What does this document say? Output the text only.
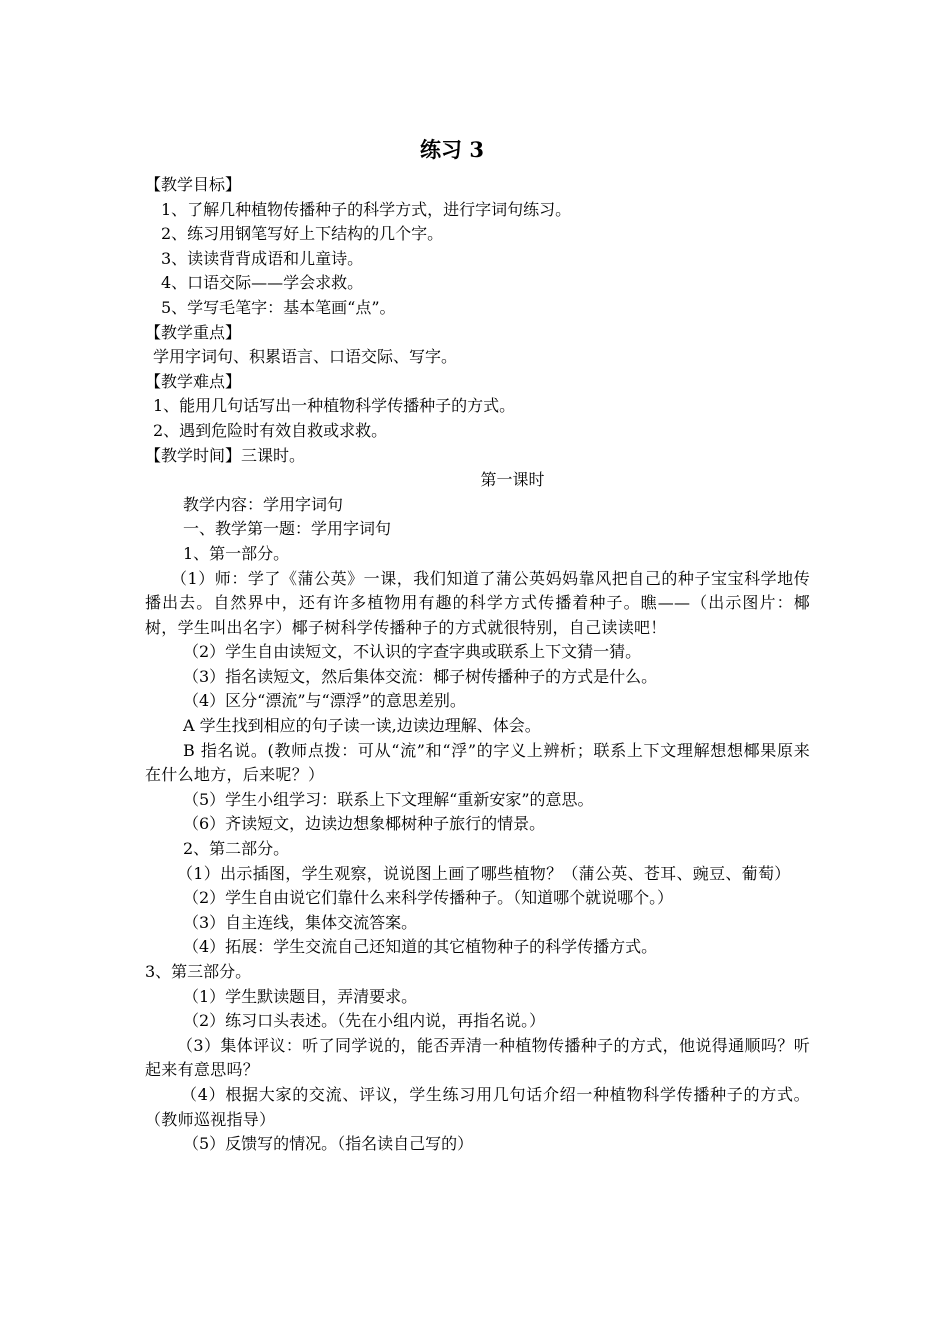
练习 3

【教学目标】

1、了解几种植物传播种子的科学方式，进行字词句练习。

2、练习用钢笔写好上下结构的几个字。

3、读读背背成语和儿童诗。

4、口语交际——学会求救。

5、学写毛笔字：基本笔画“点”。

【教学重点】

学用字词句、积累语言、口语交际、写字。

【教学难点】

1、能用几句话写出一种植物科学传播种子的方式。

2、遇到危险时有效自救或求救。

【教学时间】三课时。

第一课时

教学内容：学用字词句

一、教学第一题：学用字词句

1、第一部分。

（1）师：学了《蒲公英》一课，我们知道了蒲公英妈妈靠风把自己的种子宝宝科学地传播出去。自然界中，还有许多植物用有趣的科学方式传播着种子。瞧——（出示图片：椰树，学生叫出名字）椰子树科学传播种子的方式就很特别，自己读读吧！

（2）学生自由读短文，不认识的字查字典或联系上下文猜一猜。

（3）指名读短文，然后集体交流：椰子树传播种子的方式是什么。

（4）区分“漂流”与“漂浮”的意思差别。

A 学生找到相应的句子读一读,边读边理解、体会。

B 指名说。(教师点拨：可从“流”和“浮”的字义上辨析；联系上下文理解想想椰果原来在什么地方，后来呢？）

（5）学生小组学习：联系上下文理解“重新安家”的意思。

（6）齐读短文，边读边想象椰树种子旅行的情景。

2、第二部分。

（1）出示插图，学生观察，说说图上画了哪些植物？（蒲公英、苍耳、豌豆、葡萄）

（2）学生自由说它们靠什么来科学传播种子。（知道哪个就说哪个。）

（3）自主连线，集体交流答案。

（4）拓展：学生交流自己还知道的其它植物种子的科学传播方式。

3、第三部分。

（1）学生默读题目，弄清要求。

（2）练习口头表述。（先在小组内说，再指名说。）

（3）集体评议：听了同学说的，能否弄清一种植物传播种子的方式，他说得通顺吗？听起来有意思吗？

（4）根据大家的交流、评议，学生练习用几句话介绍一种植物科学传播种子的方式。（教师巡视指导）

（5）反馈写的情况。（指名读自己写的）
